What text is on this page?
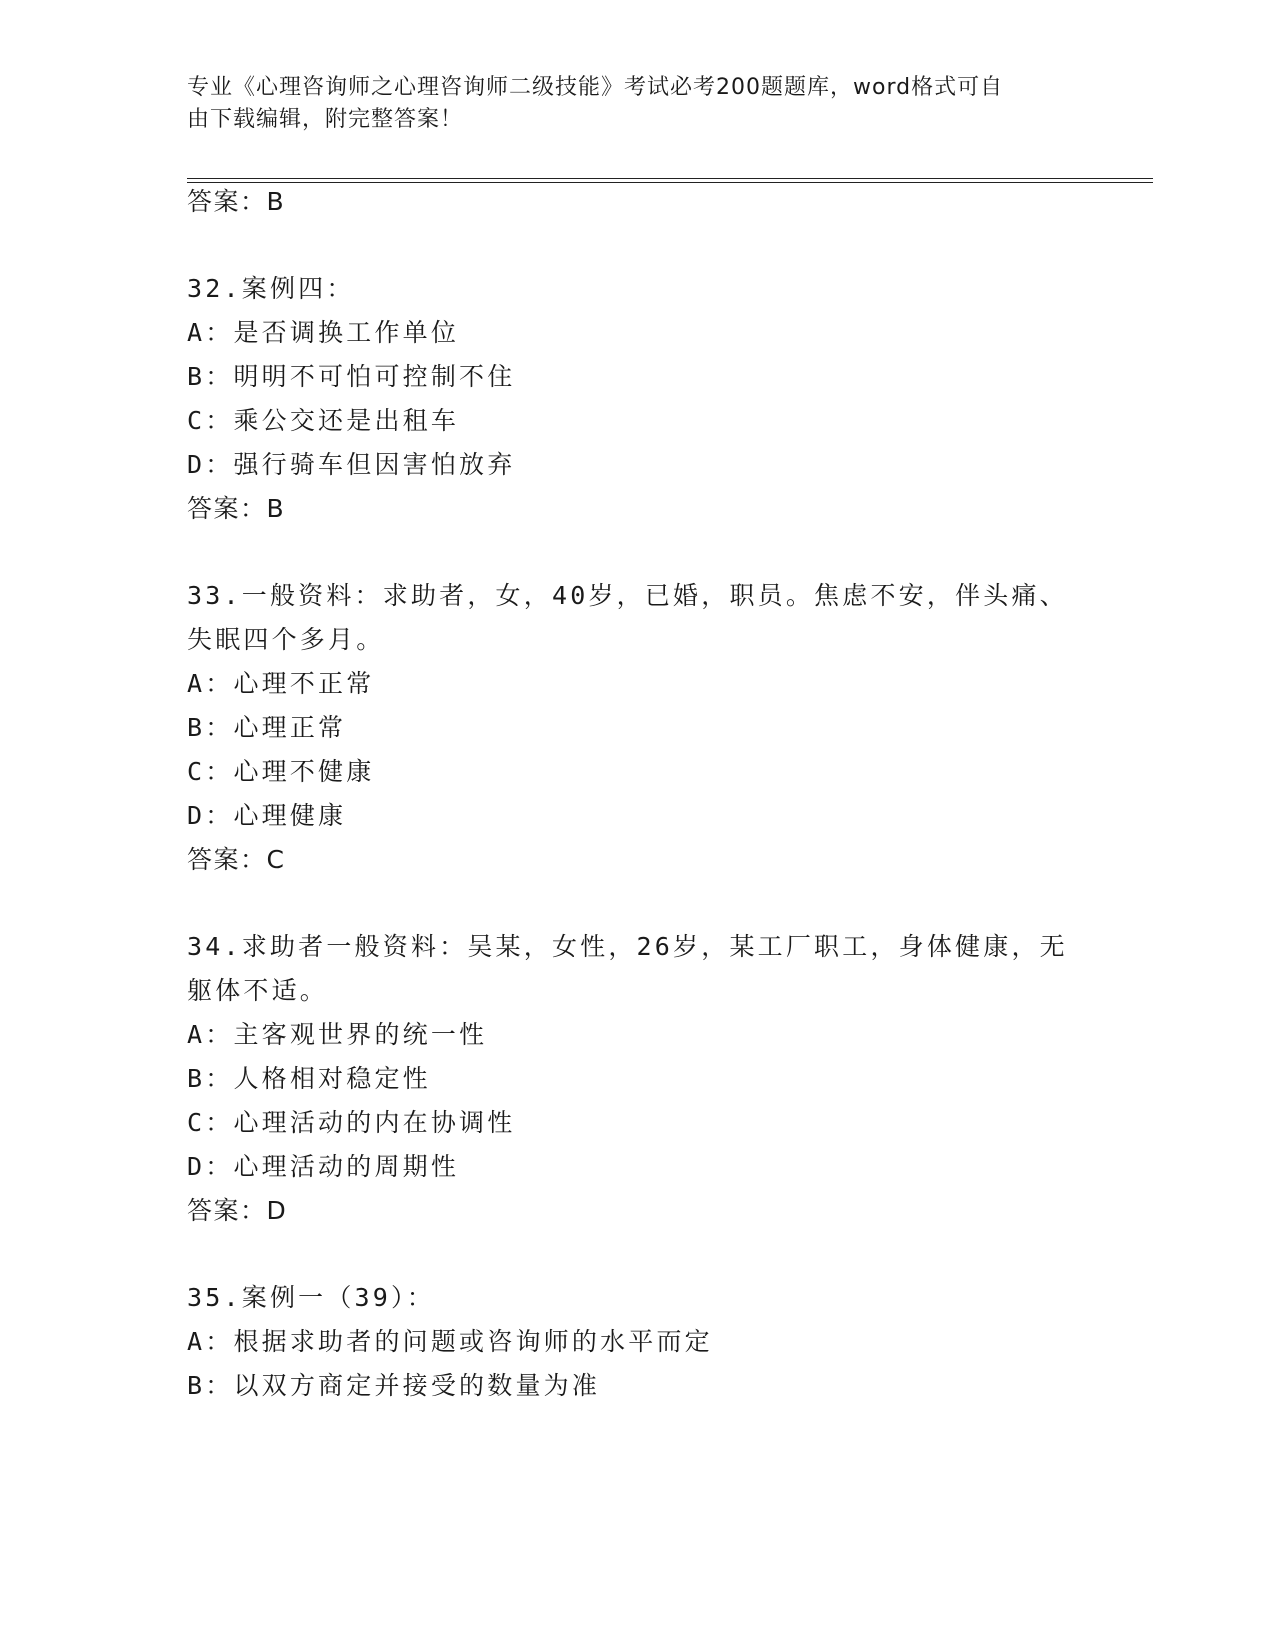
专业《心理咨询师之心理咨询师二级技能》考试必考200题题库，word格式可自
由下载编辑，附完整答案！
答案：B
32.案例四：
A：是否调换工作单位
B：明明不可怕可控制不住
C：乘公交还是出租车
D：强行骑车但因害怕放弃
答案：B
33.一般资料：求助者，女，40岁，已婚，职员。焦虑不安，伴头痛、
失眠四个多月。
A：心理不正常
B：心理正常
C：心理不健康
D：心理健康
答案：C
34.求助者一般资料：吴某，女性，26岁，某工厂职工，身体健康，无
躯体不适。
A：主客观世界的统一性
B：人格相对稳定性
C：心理活动的内在协调性
D：心理活动的周期性
答案：D
35.案例一（39）：
A：根据求助者的问题或咨询师的水平而定
B：以双方商定并接受的数量为准
